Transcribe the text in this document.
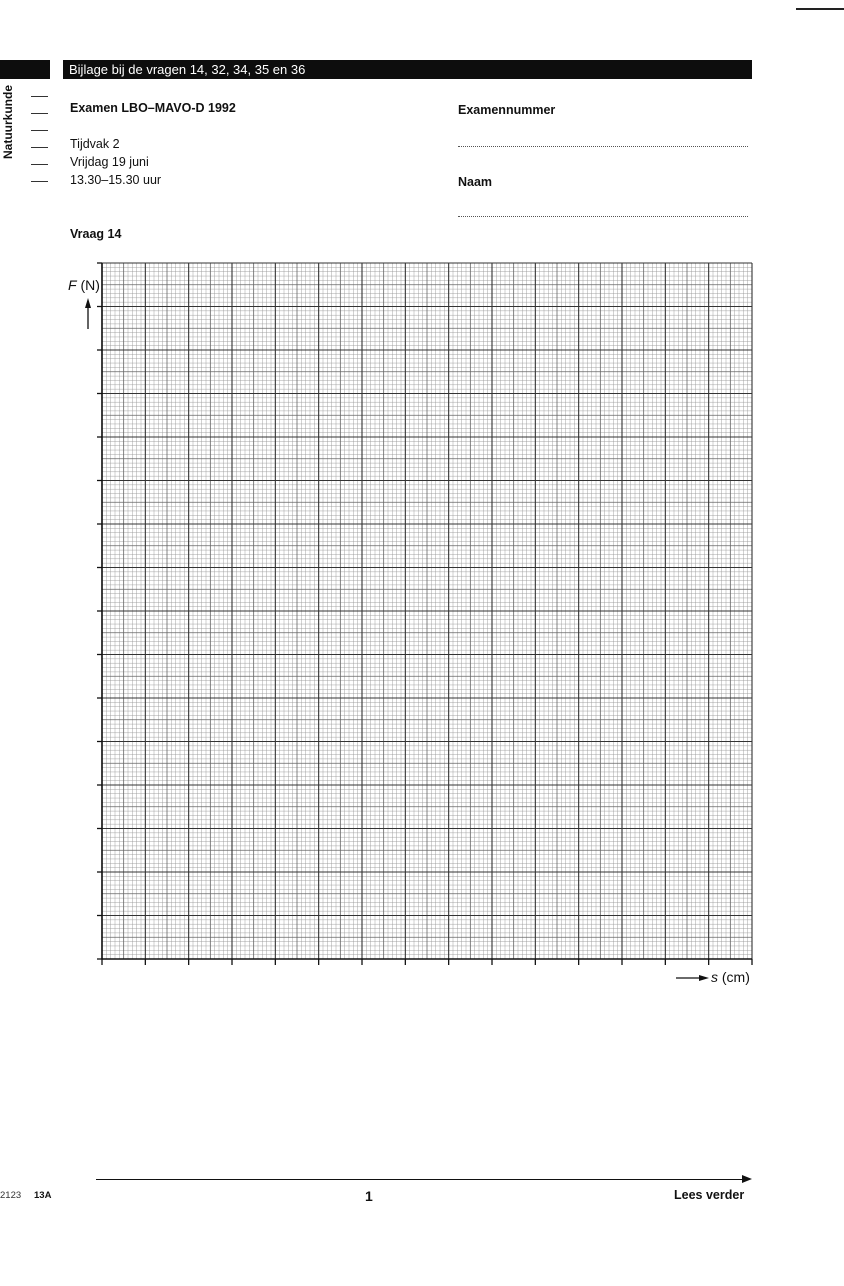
Bijlage bij de vragen 14, 32, 34, 35 en 36
Natuurkunde	Examen LBO–MAVO-D 1992
Tijdvak 2
Vrijdag 19 juni
13.30–15.30 uur
Examennummer
Naam
Vraag 14
F (N)
s (cm)
2123 13A	1	Lees verder
